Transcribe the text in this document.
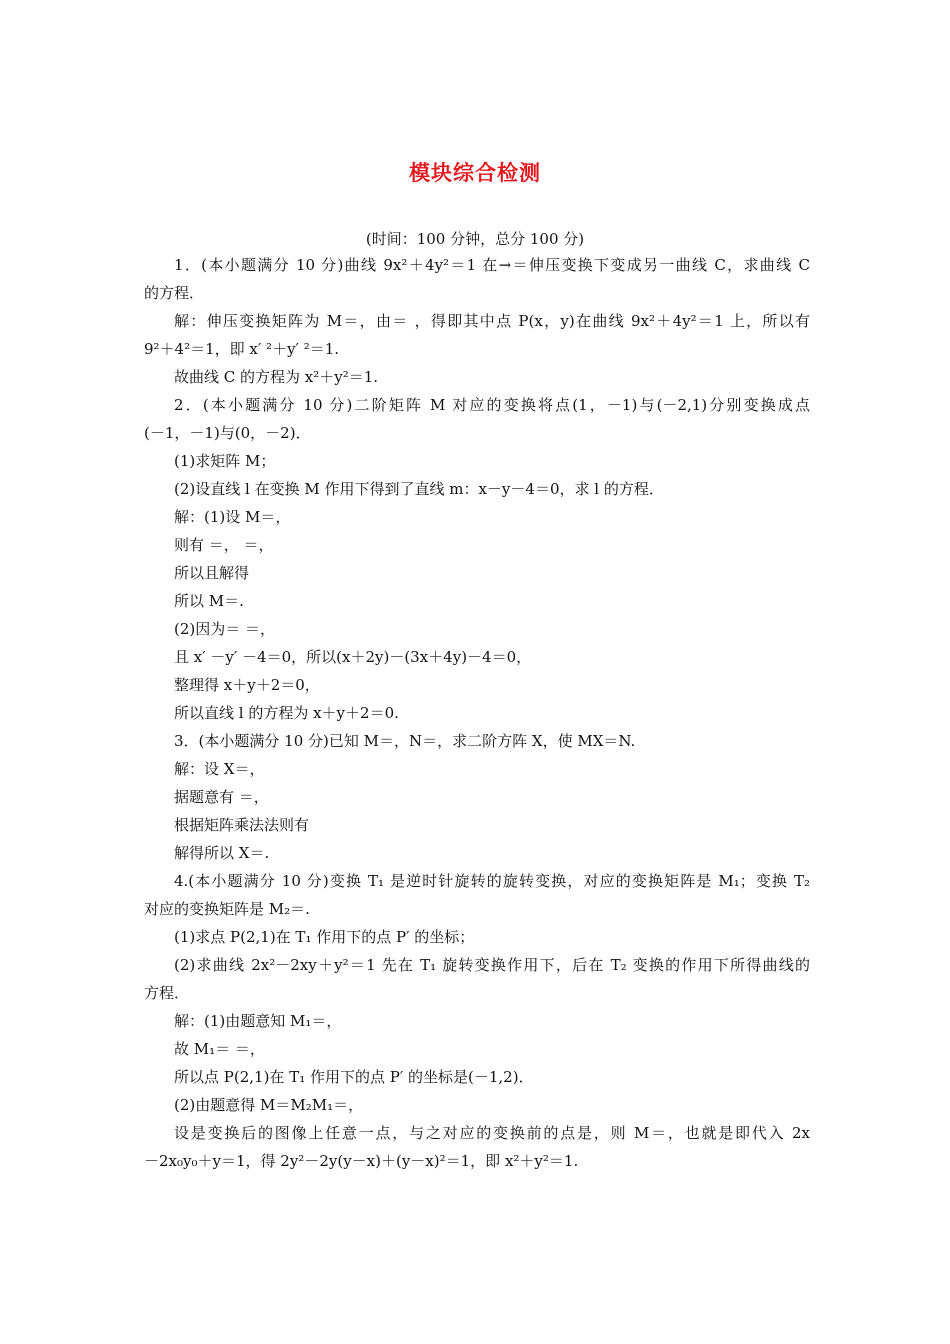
模块综合检测
(时间：100 分钟，总分 100 分)
1．(本小题满分 10 分)曲线 9x²＋4y²＝1 在→＝伸压变换下变成另一曲线 C，求曲线 C
的方程．
解：伸压变换矩阵为 M＝，由＝ ，得即其中点 P(x，y)在曲线 9x²＋4y²＝1 上，所以有
9²＋4²＝1，即 x′ ²＋y′ ²＝1.
故曲线 C 的方程为 x²＋y²＝1.
2．(本小题满分 10 分)二阶矩阵 M 对应的变换将点(1，－1)与(－2,1)分别变换成点
(－1，－1)与(0，－2)．
(1)求矩阵 M；
(2)设直线 l 在变换 M 作用下得到了直线 m：x－y－4＝0，求 l 的方程．
解：(1)设 M＝，
则有 ＝， ＝，
所以且解得
所以 M＝.
(2)因为＝ ＝，
且 x′ －y′ －4＝0，所以(x＋2y)－(3x＋4y)－4＝0，
整理得 x＋y＋2＝0，
所以直线 l 的方程为 x＋y＋2＝0.
3．(本小题满分 10 分)已知 M＝，N＝，求二阶方阵 X，使 MX＝N.
解：设 X＝，
据题意有 ＝，
根据矩阵乘法法则有
解得所以 X＝.
4.(本小题满分 10 分)变换 T₁ 是逆时针旋转的旋转变换，对应的变换矩阵是 M₁；变换 T₂
对应的变换矩阵是 M₂＝.
(1)求点 P(2,1)在 T₁ 作用下的点 P′ 的坐标；
(2)求曲线 2x²－2xy＋y²＝1 先在 T₁ 旋转变换作用下，后在 T₂ 变换的作用下所得曲线的
方程．
解：(1)由题意知 M₁＝，
故 M₁＝ ＝，
所以点 P(2,1)在 T₁ 作用下的点 P′ 的坐标是(－1,2)．
(2)由题意得 M＝M₂M₁＝，
设是变换后的图像上任意一点，与之对应的变换前的点是，则 M＝，也就是即代入 2x
－2x₀y₀＋y＝1，得 2y²－2y(y－x)＋(y－x)²＝1，即 x²＋y²＝1.
